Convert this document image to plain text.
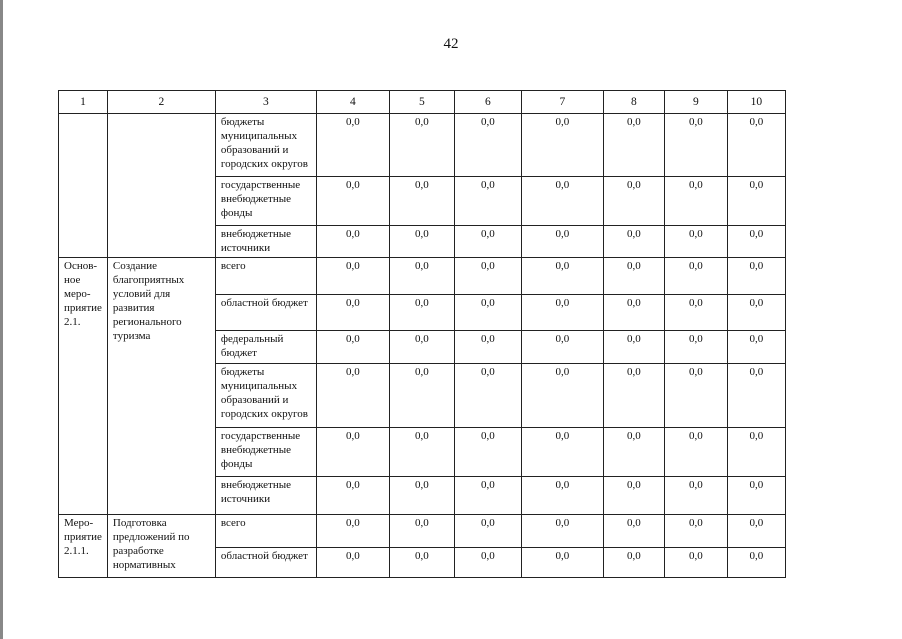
42
1	2	3	4	5	6	7	8	9	10
		бюджеты муниципальных образований и городских округов	0,0	0,0	0,0	0,0	0,0	0,0	0,0
		государственные внебюджетные фонды	0,0	0,0	0,0	0,0	0,0	0,0	0,0
		внебюджетные источники	0,0	0,0	0,0	0,0	0,0	0,0	0,0
Основ-ное меро-приятие 2.1.	Создание благоприятных условий для развития регионального туризма	всего	0,0	0,0	0,0	0,0	0,0	0,0	0,0
		областной бюджет	0,0	0,0	0,0	0,0	0,0	0,0	0,0
		федеральный бюджет	0,0	0,0	0,0	0,0	0,0	0,0	0,0
		бюджеты муниципальных образований и городских округов	0,0	0,0	0,0	0,0	0,0	0,0	0,0
		государственные внебюджетные фонды	0,0	0,0	0,0	0,0	0,0	0,0	0,0
		внебюджетные источники	0,0	0,0	0,0	0,0	0,0	0,0	0,0
Меро-приятие 2.1.1.	Подготовка предложений по разработке нормативных	всего	0,0	0,0	0,0	0,0	0,0	0,0	0,0
		областной бюджет	0,0	0,0	0,0	0,0	0,0	0,0	0,0
